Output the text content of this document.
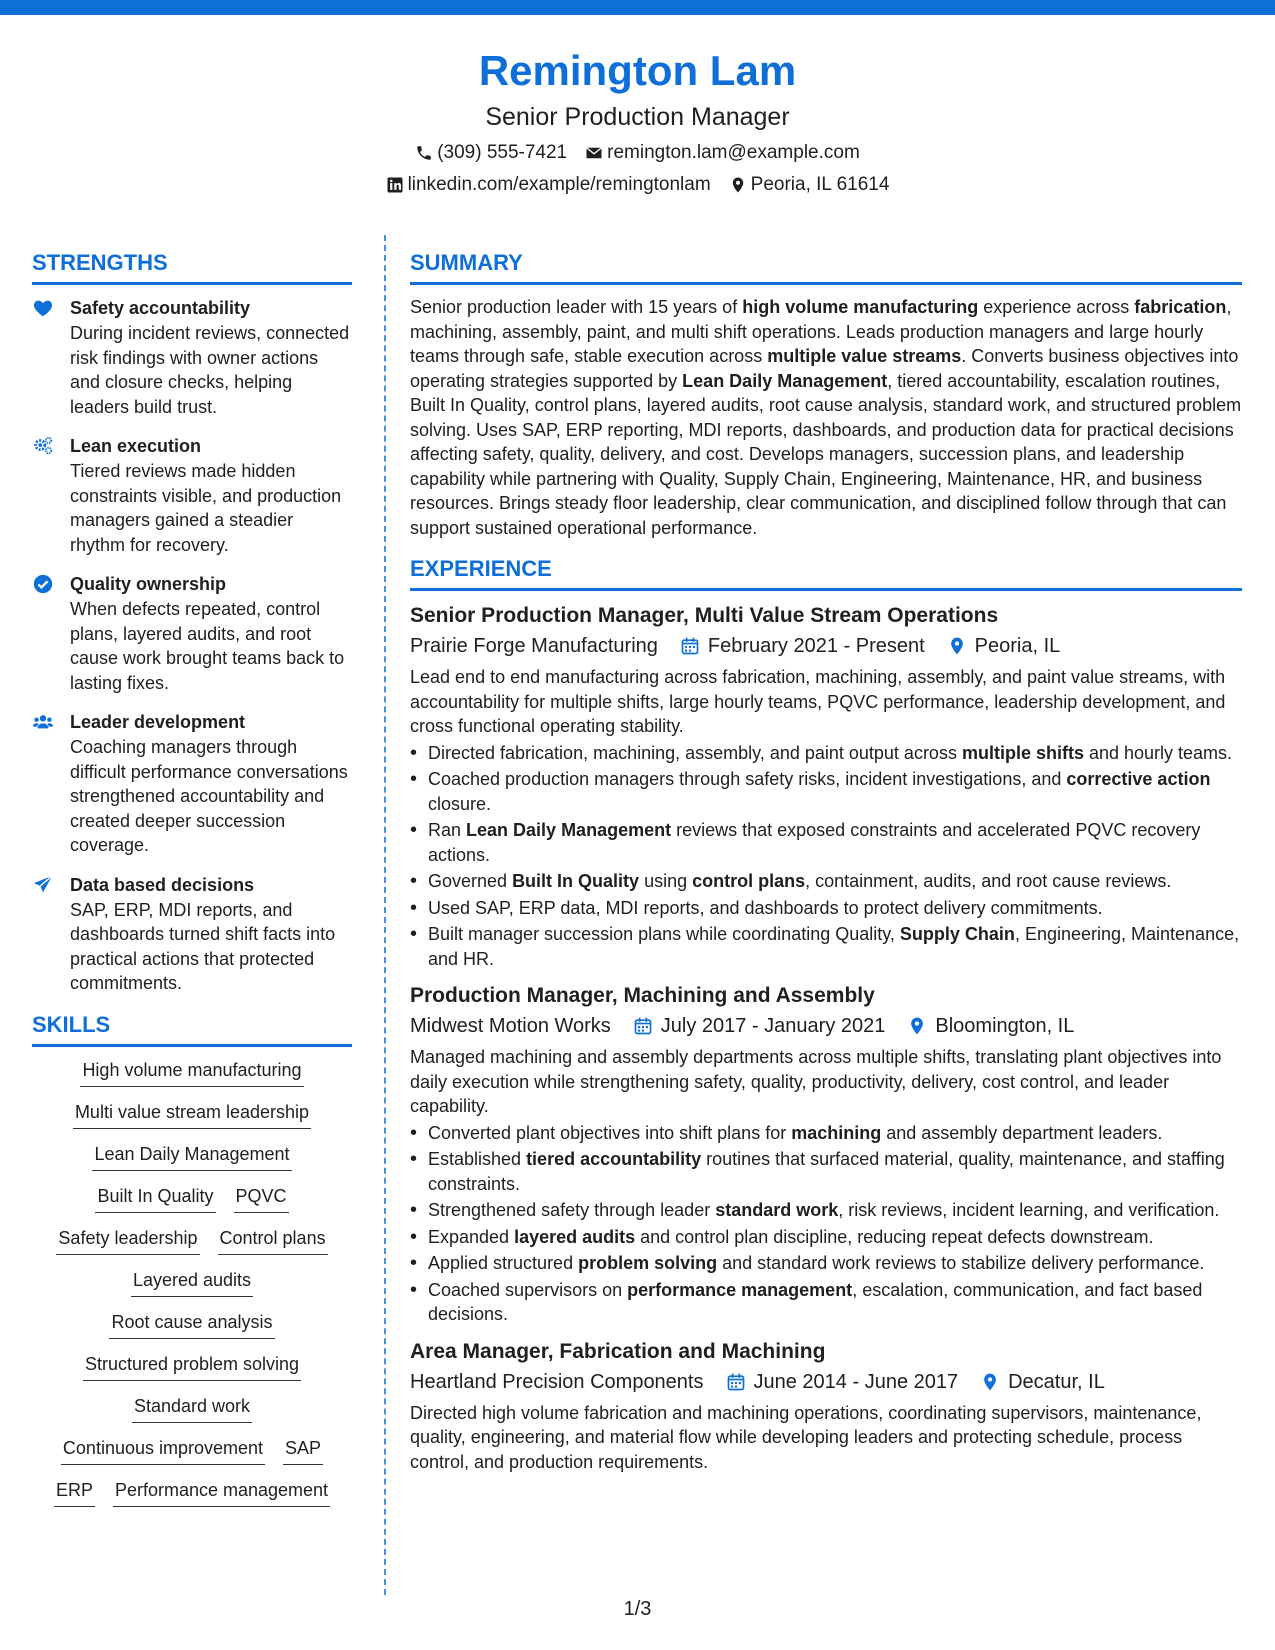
Remington Lam
Senior Production Manager
(309) 555-7421 remington.lam@example.com
linkedin.com/example/remingtonlam Peoria, IL 61614
STRENGTHS
Safety accountability
During incident reviews, connected risk findings with owner actions and closure checks, helping leaders build trust.
Lean execution
Tiered reviews made hidden constraints visible, and production managers gained a steadier rhythm for recovery.
Quality ownership
When defects repeated, control plans, layered audits, and root cause work brought teams back to lasting fixes.
Leader development
Coaching managers through difficult performance conversations strengthened accountability and created deeper succession coverage.
Data based decisions
SAP, ERP, MDI reports, and dashboards turned shift facts into practical actions that protected commitments.
SKILLS
High volume manufacturing
Multi value stream leadership
Lean Daily Management
Built In Quality PQVC
Safety leadership Control plans
Layered audits
Root cause analysis
Structured problem solving
Standard work
Continuous improvement SAP
ERP Performance management
SUMMARY
Senior production leader with 15 years of high volume manufacturing experience across fabrication, machining, assembly, paint, and multi shift operations. Leads production managers and large hourly teams through safe, stable execution across multiple value streams. Converts business objectives into operating strategies supported by Lean Daily Management, tiered accountability, escalation routines, Built In Quality, control plans, layered audits, root cause analysis, standard work, and structured problem solving. Uses SAP, ERP reporting, MDI reports, dashboards, and production data for practical decisions affecting safety, quality, delivery, and cost. Develops managers, succession plans, and leadership capability while partnering with Quality, Supply Chain, Engineering, Maintenance, HR, and business resources. Brings steady floor leadership, clear communication, and disciplined follow through that can support sustained operational performance.
EXPERIENCE
Senior Production Manager, Multi Value Stream Operations
Prairie Forge Manufacturing	February 2021 - Present	Peoria, IL
Lead end to end manufacturing across fabrication, machining, assembly, and paint value streams, with accountability for multiple shifts, large hourly teams, PQVC performance, leadership development, and cross functional operating stability.
• Directed fabrication, machining, assembly, and paint output across multiple shifts and hourly teams.
• Coached production managers through safety risks, incident investigations, and corrective action closure.
• Ran Lean Daily Management reviews that exposed constraints and accelerated PQVC recovery actions.
• Governed Built In Quality using control plans, containment, audits, and root cause reviews.
• Used SAP, ERP data, MDI reports, and dashboards to protect delivery commitments.
• Built manager succession plans while coordinating Quality, Supply Chain, Engineering, Maintenance, and HR.
Production Manager, Machining and Assembly
Midwest Motion Works	July 2017 - January 2021	Bloomington, IL
Managed machining and assembly departments across multiple shifts, translating plant objectives into daily execution while strengthening safety, quality, productivity, delivery, cost control, and leader capability.
• Converted plant objectives into shift plans for machining and assembly department leaders.
• Established tiered accountability routines that surfaced material, quality, maintenance, and staffing constraints.
• Strengthened safety through leader standard work, risk reviews, incident learning, and verification.
• Expanded layered audits and control plan discipline, reducing repeat defects downstream.
• Applied structured problem solving and standard work reviews to stabilize delivery performance.
• Coached supervisors on performance management, escalation, communication, and fact based decisions.
Area Manager, Fabrication and Machining
Heartland Precision Components	June 2014 - June 2017	Decatur, IL
Directed high volume fabrication and machining operations, coordinating supervisors, maintenance, quality, engineering, and material flow while developing leaders and protecting schedule, process control, and production requirements.
1/3
